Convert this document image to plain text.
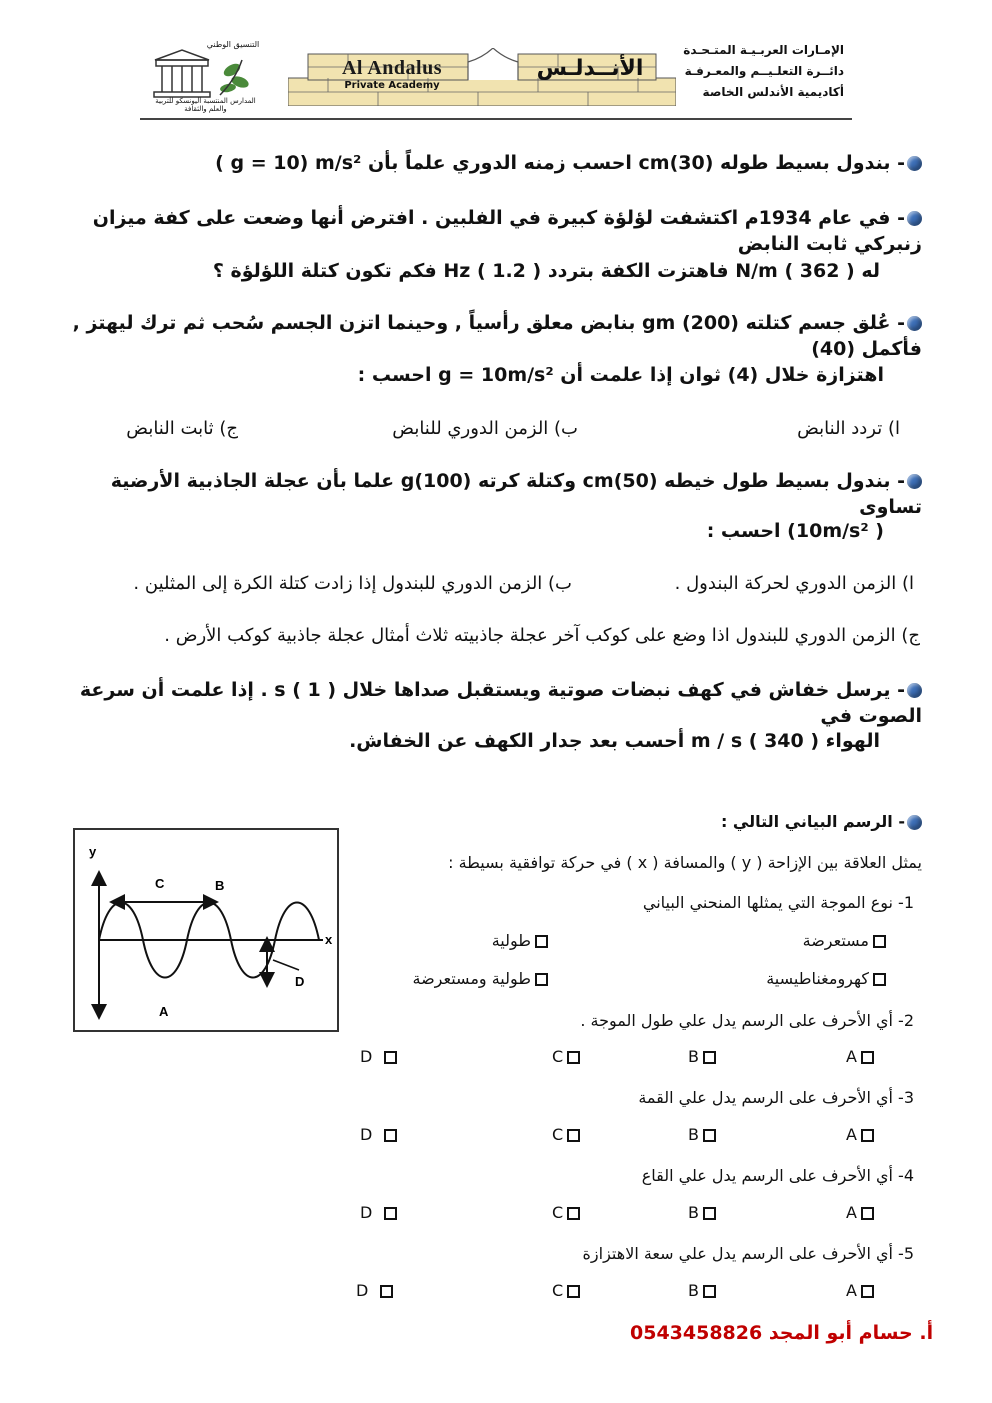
الإمـارات العربـيـة المتـحـدة
دائــرة التعلـيــم والمعـرفـة
أكاديمية الأندلس الخاصة
Al Andalus
Private Academy
الأنــدلـس
التنسيق الوطني
المدارس المنتسبة اليونسكو للتربية والعلم والثقافة
- بندول بسيط طوله (30)cm احسب زمنه الدوري علماً بأن g = 10) m/s² )
- في عام 1934م اكتشفت لؤلؤة كبيرة في الفلبين . افترض أنها وضعت على كفة ميزان زنبركي ثابت النابض
له N/m ( 362 ) فاهتزت الكفة بتردد Hz ( 1.2 ) فكم تكون كتلة اللؤلؤة ؟
- عُلق جسم كتلته gm (200) بنابض معلق رأسياً , وحينما اتزن الجسم سُحب ثم ترك ليهتز , فأكمل (40)
اهتزازة خلال (4) ثوان إذا علمت أن g = 10m/s² احسب :
ا) تردد النابض
ب) الزمن الدوري للنابض
ج) ثابت النابض
- بندول بسيط طول خيطه cm(50) وكتلة كرته g(100) علما بأن عجلة الجاذبية الأرضية تساوى
( 10m/s²) احسب :
ا) الزمن الدوري لحركة البندول .
ب) الزمن الدوري للبندول إذا زادت كتلة الكرة إلى المثلين .
ج) الزمن الدوري للبندول اذا وضع على كوكب آخر عجلة جاذبيته ثلاث أمثال عجلة جاذبية كوكب الأرض .
- يرسل خفاش في كهف نبضات صوتية ويستقبل صداها خلال s ( 1 ) . إذا علمت أن سرعة الصوت في
الهواء m / s ( 340 ) أحسب بعد جدار الكهف عن الخفاش.
- الرسم البياني التالي :
يمثل العلاقة بين الإزاحة ( y ) والمسافة ( x ) في حركة توافقية بسيطة :
y
x
C	B
A
D
1- نوع الموجة التي يمثلها المنحني البياني
مستعرضة
طولية
كهرومغناطيسية
طولية ومستعرضة
2- أي الأحرف على الرسم يدل علي طول الموجة .
3- أي الأحرف على الرسم يدل علي القمة
4- أي الأحرف على الرسم يدل علي القاع
5- أي الأحرف على الرسم يدل علي سعة الاهتزازة
A
B
C
D
A
B
C
D
A
B
C
D
A
B
C
D
أ. حسام أبو المجد 0543458826
